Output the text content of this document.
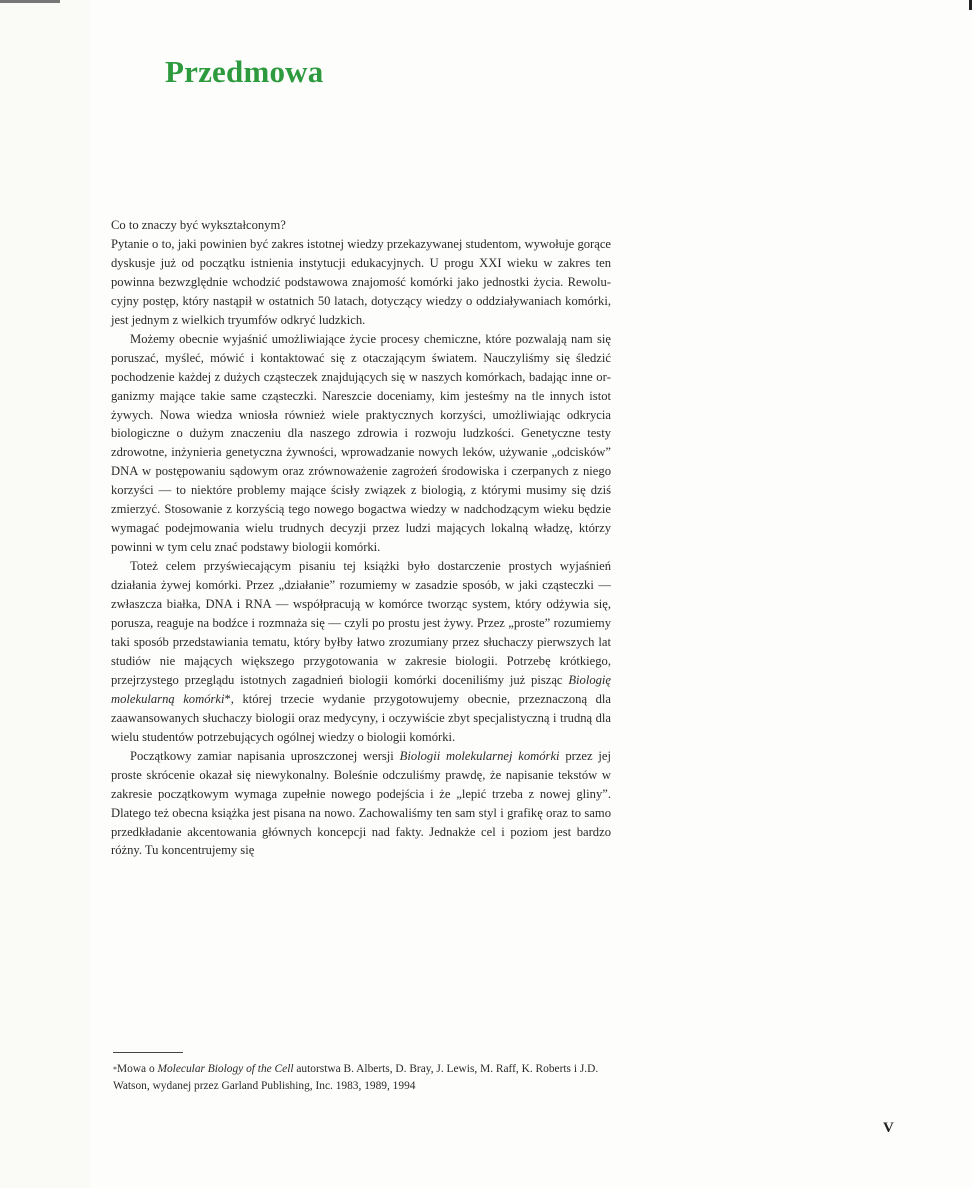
Przedmowa

Co to znaczy być wykształconym?

Pytanie o to, jaki powinien być zakres istotnej wiedzy przekazywanej studentom, wywołuje gorące dyskusje już od początku istnienia instytucji edukacyjnych. U progu XXI wieku w zakres ten powinna bezwzględnie wchodzić podstawowa znajomość komórki jako jednostki życia. Rewolucyjny postęp, który nastąpił w ostatnich 50 latach, dotyczący wiedzy o oddziaływaniach komórki, jest jednym z wielkich tryumfów odkryć ludzkich.

Możemy obecnie wyjaśnić umożliwiające życie procesy chemiczne, które pozwalają nam się poruszać, myśleć, mówić i kontaktować się z otaczającym światem. Nauczyliśmy się śledzić pochodzenie każdej z dużych cząsteczek znajdujących się w naszych komórkach, badając inne organizmy mające takie same cząsteczki. Nareszcie doceniamy, kim jesteśmy na tle innych istot żywych. Nowa wiedza wniosła również wiele praktycznych korzyści, umożliwiając odkrycia biologiczne o dużym znaczeniu dla naszego zdrowia i rozwoju ludzkości. Genetyczne testy zdrowotne, inżynieria genetyczna żywności, wprowadzanie nowych leków, używanie „odcisków” DNA w postępowaniu sądowym oraz zrównoważenie zagrożeń środowiska i czerpanych z niego korzyści — to niektóre problemy mające ścisły związek z biologią, z którymi musimy się dziś zmierzyć. Stosowanie z korzyścią tego nowego bogactwa wiedzy w nadchodzącym wieku będzie wymagać podejmowania wielu trudnych decyzji przez ludzi mających lokalną władzę, którzy powinni w tym celu znać podstawy biologii komórki.

Toteż celem przyświecającym pisaniu tej książki było dostarczenie prostych wyjaśnień działania żywej komórki. Przez „działanie” rozumiemy w zasadzie sposób, w jaki cząsteczki — zwłaszcza białka, DNA i RNA — współpracują w komórce tworząc system, który odżywia się, porusza, reaguje na bodźce i rozmnaża się — czyli po prostu jest żywy. Przez „proste” rozumiemy taki sposób przedstawiania tematu, który byłby łatwo zrozumiany przez słuchaczy pierwszych lat studiów nie mających większego przygotowania w zakresie biologii. Potrzebę krótkiego, przejrzystego przeglądu istotnych zagadnień biologii komórki doceniliśmy już pisząc Biologię molekularną komórki*, której trzecie wydanie przygotowujemy obecnie, przeznaczoną dla zaawansowanych słuchaczy biologii oraz medycyny, i oczywiście zbyt specjalistyczną i trudną dla wielu studentów potrzebujących ogólnej wiedzy o biologii komórki.

Początkowy zamiar napisania uproszczonej wersji Biologii molekularnej komórki przez jej proste skrócenie okazał się niewykonalny. Boleśnie odczuliśmy prawdę, że napisanie tekstów w zakresie początkowym wymaga zupełnie nowego podejścia i że „lepić trzeba z nowej gliny”. Dlatego też obecna książka jest pisana na nowo. Zachowaliśmy ten sam styl i grafikę oraz to samo przedkładanie akcentowania głównych koncepcji nad fakty. Jednakże cel i poziom jest bardzo różny. Tu koncentrujemy się

*Mowa o Molecular Biology of the Cell autorstwa B. Alberts, D. Bray, J. Lewis, M. Raff, K. Roberts i J.D. Watson, wydanej przez Garland Publishing, Inc. 1983, 1989, 1994

V
